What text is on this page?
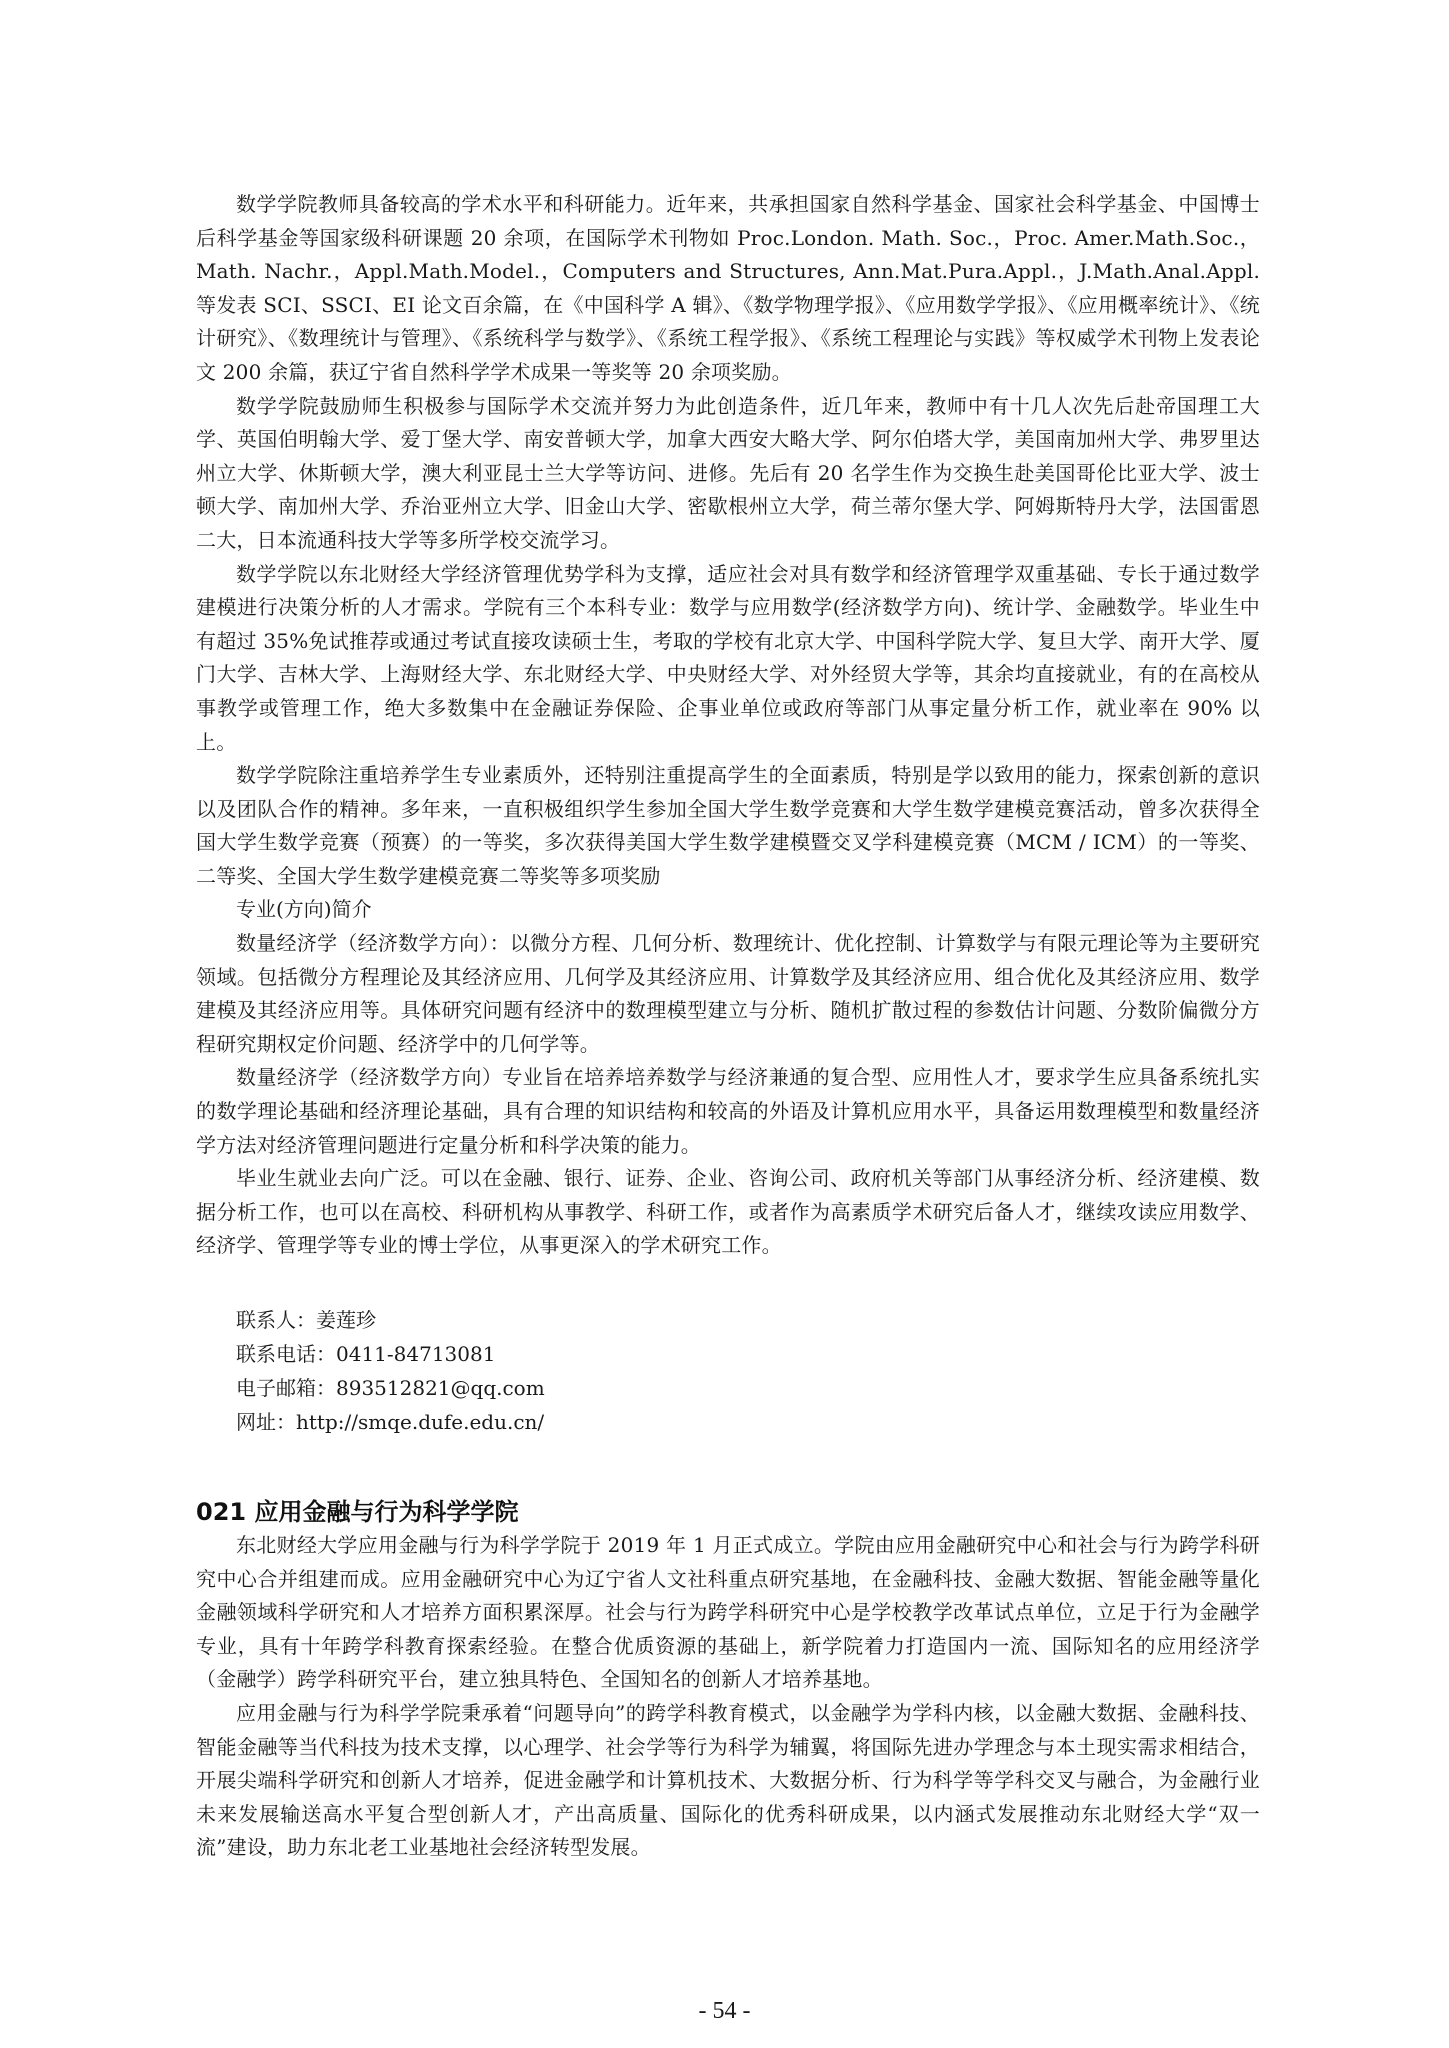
数学学院教师具备较高的学术水平和科研能力。近年来，共承担国家自然科学基金、国家社会科学基金、中国博士后科学基金等国家级科研课题 20 余项，在国际学术刊物如 Proc.London. Math. Soc.，Proc. Amer.Math.Soc.，Math. Nachr.，Appl.Math.Model.，Computers and Structures, Ann.Mat.Pura.Appl.，J.Math.Anal.Appl. 等发表 SCI、SSCI、EI 论文百余篇，在《中国科学 A 辑》、《数学物理学报》、《应用数学学报》、《应用概率统计》、《统计研究》、《数理统计与管理》、《系统科学与数学》、《系统工程学报》、《系统工程理论与实践》等权威学术刊物上发表论文 200 余篇，获辽宁省自然科学学术成果一等奖等 20 余项奖励。

数学学院鼓励师生积极参与国际学术交流并努力为此创造条件，近几年来，教师中有十几人次先后赴帝国理工大学、英国伯明翰大学、爱丁堡大学、南安普顿大学，加拿大西安大略大学、阿尔伯塔大学，美国南加州大学、弗罗里达州立大学、休斯顿大学，澳大利亚昆士兰大学等访问、进修。先后有 20 名学生作为交换生赴美国哥伦比亚大学、波士顿大学、南加州大学、乔治亚州立大学、旧金山大学、密歇根州立大学，荷兰蒂尔堡大学、阿姆斯特丹大学，法国雷恩二大，日本流通科技大学等多所学校交流学习。

数学学院以东北财经大学经济管理优势学科为支撑，适应社会对具有数学和经济管理学双重基础、专长于通过数学建模进行决策分析的人才需求。学院有三个本科专业：数学与应用数学(经济数学方向)、统计学、金融数学。毕业生中有超过 35%免试推荐或通过考试直接攻读硕士生，考取的学校有北京大学、中国科学院大学、复旦大学、南开大学、厦门大学、吉林大学、上海财经大学、东北财经大学、中央财经大学、对外经贸大学等，其余均直接就业，有的在高校从事教学或管理工作，绝大多数集中在金融证券保险、企事业单位或政府等部门从事定量分析工作，就业率在 90% 以上。

数学学院除注重培养学生专业素质外，还特别注重提高学生的全面素质，特别是学以致用的能力，探索创新的意识以及团队合作的精神。多年来，一直积极组织学生参加全国大学生数学竞赛和大学生数学建模竞赛活动，曾多次获得全国大学生数学竞赛（预赛）的一等奖，多次获得美国大学生数学建模暨交叉学科建模竞赛（MCM / ICM）的一等奖、二等奖、全国大学生数学建模竞赛二等奖等多项奖励

专业(方向)简介

数量经济学（经济数学方向）：以微分方程、几何分析、数理统计、优化控制、计算数学与有限元理论等为主要研究领域。包括微分方程理论及其经济应用、几何学及其经济应用、计算数学及其经济应用、组合优化及其经济应用、数学建模及其经济应用等。具体研究问题有经济中的数理模型建立与分析、随机扩散过程的参数估计问题、分数阶偏微分方程研究期权定价问题、经济学中的几何学等。

数量经济学（经济数学方向）专业旨在培养培养数学与经济兼通的复合型、应用性人才，要求学生应具备系统扎实的数学理论基础和经济理论基础，具有合理的知识结构和较高的外语及计算机应用水平，具备运用数理模型和数量经济学方法对经济管理问题进行定量分析和科学决策的能力。

毕业生就业去向广泛。可以在金融、银行、证券、企业、咨询公司、政府机关等部门从事经济分析、经济建模、数据分析工作，也可以在高校、科研机构从事教学、科研工作，或者作为高素质学术研究后备人才，继续攻读应用数学、经济学、管理学等专业的博士学位，从事更深入的学术研究工作。

联系人：姜莲珍

联系电话：0411-84713081

电子邮箱：893512821@qq.com

网址：http://smqe.dufe.edu.cn/

021 应用金融与行为科学学院

东北财经大学应用金融与行为科学学院于 2019 年 1 月正式成立。学院由应用金融研究中心和社会与行为跨学科研究中心合并组建而成。应用金融研究中心为辽宁省人文社科重点研究基地，在金融科技、金融大数据、智能金融等量化金融领域科学研究和人才培养方面积累深厚。社会与行为跨学科研究中心是学校教学改革试点单位，立足于行为金融学专业，具有十年跨学科教育探索经验。在整合优质资源的基础上，新学院着力打造国内一流、国际知名的应用经济学（金融学）跨学科研究平台，建立独具特色、全国知名的创新人才培养基地。

应用金融与行为科学学院秉承着“问题导向”的跨学科教育模式，以金融学为学科内核，以金融大数据、金融科技、智能金融等当代科技为技术支撑，以心理学、社会学等行为科学为辅翼，将国际先进办学理念与本土现实需求相结合，开展尖端科学研究和创新人才培养，促进金融学和计算机技术、大数据分析、行为科学等学科交叉与融合，为金融行业未来发展输送高水平复合型创新人才，产出高质量、国际化的优秀科研成果，以内涵式发展推动东北财经大学“双一流”建设，助力东北老工业基地社会经济转型发展。

- 54 -
